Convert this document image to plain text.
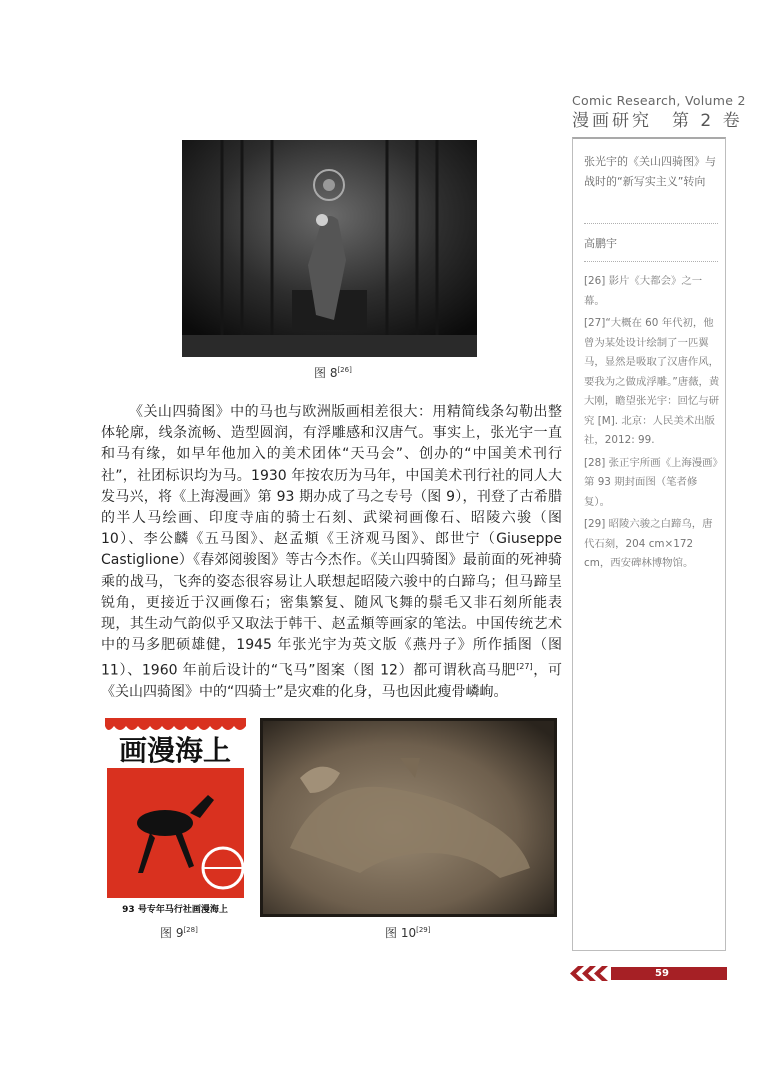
Comic Research, Volume 2
漫画研究　第 2 卷
张光宇的《关山四骑图》与战时的“新写实主义”转向
高鹏宇

[26] 影片《大都会》之一幕。

[27]“大概在 60 年代初，他曾为某处设计绘制了一匹翼马，显然是吸取了汉唐作风，要我为之做成浮雕。”唐薇，黄大刚，瞻望张光宇：回忆与研究 [M]. 北京：人民美术出版社，2012: 99.

[28] 张正宇所画《上海漫画》第 93 期封面图（笔者修复）。

[29] 昭陵六骏之白蹄乌，唐代石刻，204 cm×172 cm，西安碑林博物馆。

图 8[26]

《关山四骑图》中的马也与欧洲版画相差很大：用精简线条勾勒出整体轮廓，线条流畅、造型圆润，有浮雕感和汉唐气。事实上，张光宇一直和马有缘，如早年他加入的美术团体“天马会”、创办的“中国美术刊行社”，社团标识均为马。1930 年按农历为马年，中国美术刊行社的同人大发马兴，将《上海漫画》第 93 期办成了马之专号（图 9），刊登了古希腊的半人马绘画、印度寺庙的骑士石刻、武梁祠画像石、昭陵六骏（图 10）、李公麟《五马图》、赵孟頫《王济观马图》、郎世宁（Giuseppe Castiglione）《春郊阅骏图》等古今杰作。《关山四骑图》最前面的死神骑乘的战马，飞奔的姿态很容易让人联想起昭陵六骏中的白蹄乌；但马蹄呈锐角，更接近于汉画像石；密集繁复、随风飞舞的鬃毛又非石刻所能表现，其生动气韵似乎又取法于韩干、赵孟頫等画家的笔法。中国传统艺术中的马多肥硕雄健，1945 年张光宇为英文版《燕丹子》所作插图（图 11）、1960 年前后设计的“飞马”图案（图 12）都可谓秋高马肥[27]，可《关山四骑图》中的“四骑士”是灾难的化身，马也因此瘦骨嶙峋。

画漫海上
93 号专年马行社画漫海上
图 9[28]	图 10[29]
59
